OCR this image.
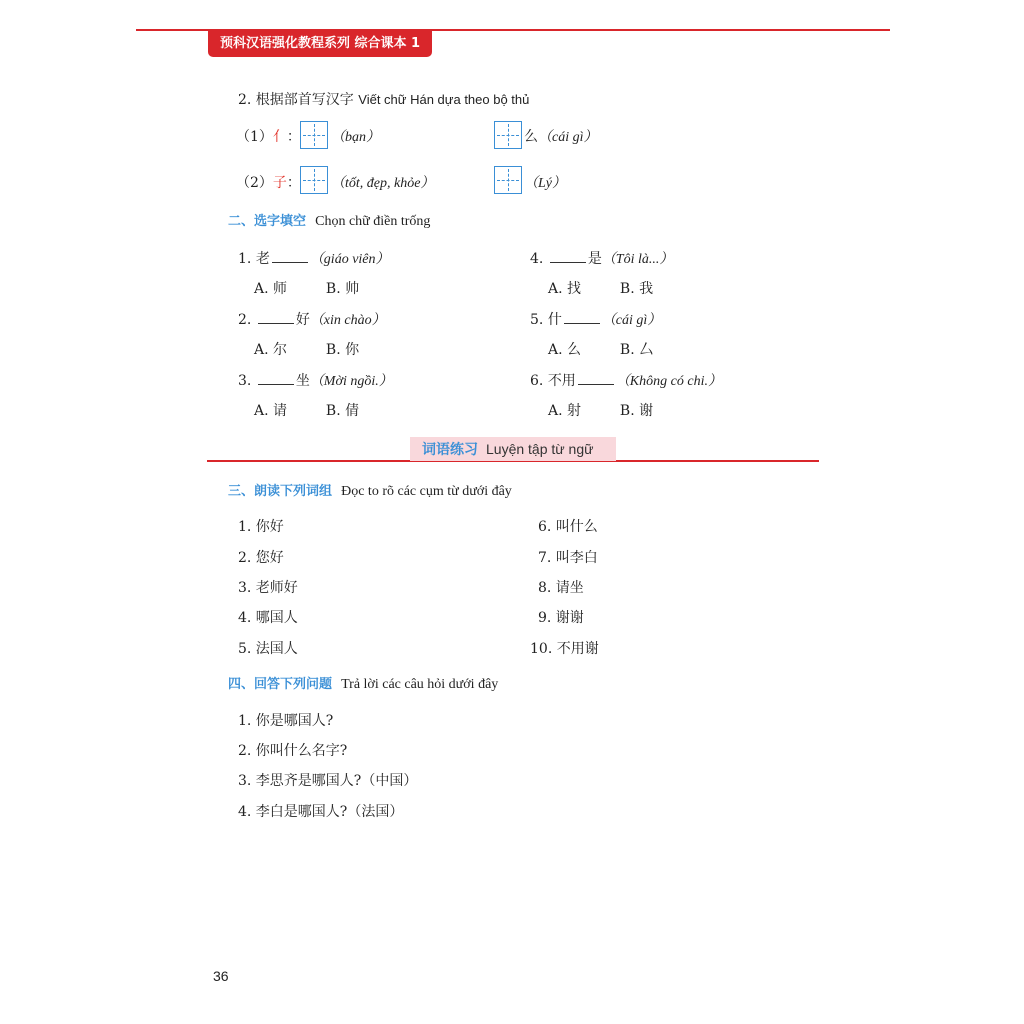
预科汉语强化教程系列 综合课本 1
2. 根据部首写汉字 Viết chữ Hán dựa theo bộ thủ
（1）亻： （bạn）	么（cái gì）
（2）子： （tốt, đẹp, khỏe）	（Lý）
二、选字填空 Chọn chữ điền trống
1. 老	（giáo viên）
A. 师	B. 帅
2.	好（xin chào）
A. 尔	B. 你
3.	坐（Mời ngồi.）
A. 请	B. 倩
4.	是（Tôi là...）
A. 找	B. 我
5. 什	（cái gì）
A. 么	B. 厶
6. 不用	（Không có chi.）
A. 射	B. 谢
词语练习 Luyện tập từ ngữ
三、朗读下列词组 Đọc to rõ các cụm từ dưới đây
1. 你好
2. 您好
3. 老师好
4. 哪国人
5. 法国人
6. 叫什么
7. 叫李白
8. 请坐
9. 谢谢
10. 不用谢
四、回答下列问题 Trả lời các câu hỏi dưới đây
1. 你是哪国人?
2. 你叫什么名字?
3. 李思齐是哪国人?（中国）
4. 李白是哪国人?（法国）
36
